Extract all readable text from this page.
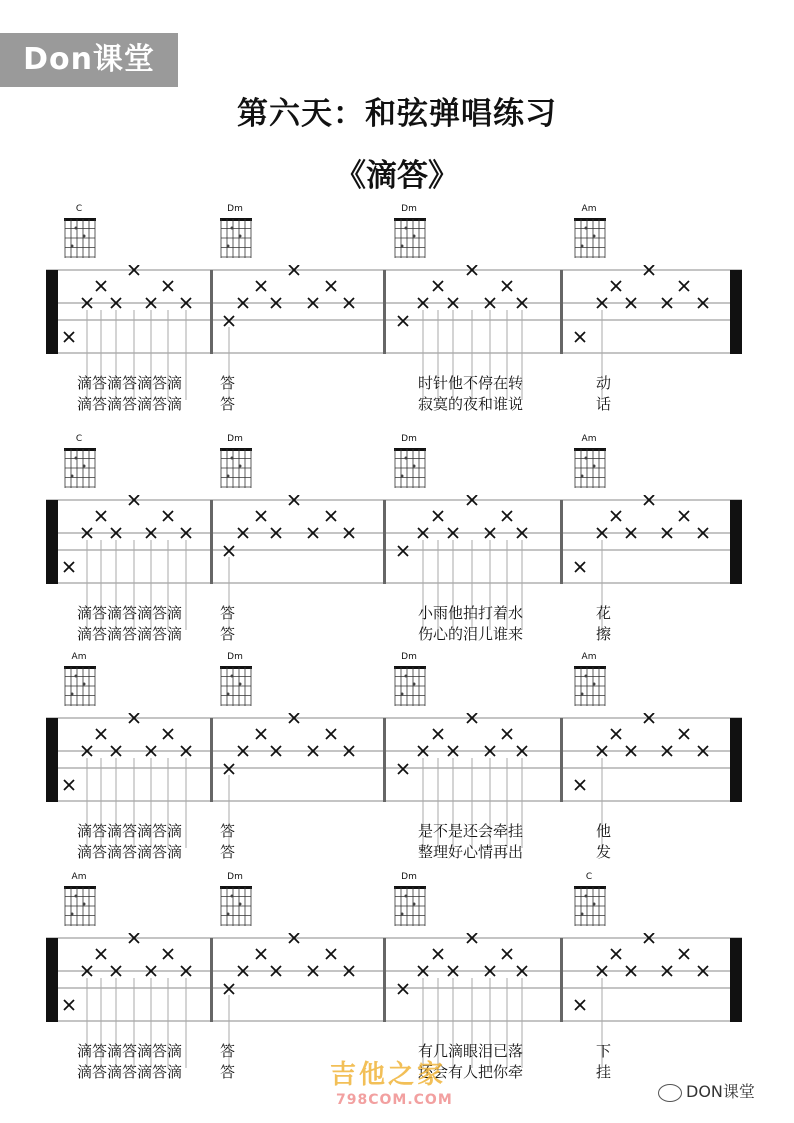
Don课堂
第六天：和弦弹唱练习
《滴答》
C	Dm	Dm	Am
滴答滴答滴答滴
滴答滴答滴答滴
答
答
时针他不停在转
寂寞的夜和谁说
动
话
C	Dm	Dm	Am
滴答滴答滴答滴
滴答滴答滴答滴
答
答
小雨他拍打着水
伤心的泪儿谁来
花
擦
Am	Dm	Dm	Am
滴答滴答滴答滴
滴答滴答滴答滴
答
答
是不是还会牵挂
整理好心情再出
他
发
Am	Dm	Dm	C
滴答滴答滴答滴
滴答滴答滴答滴
答
答
有几滴眼泪已落
还会有人把你牵
下
挂
吉他之家
798COM.COM	DON课堂
